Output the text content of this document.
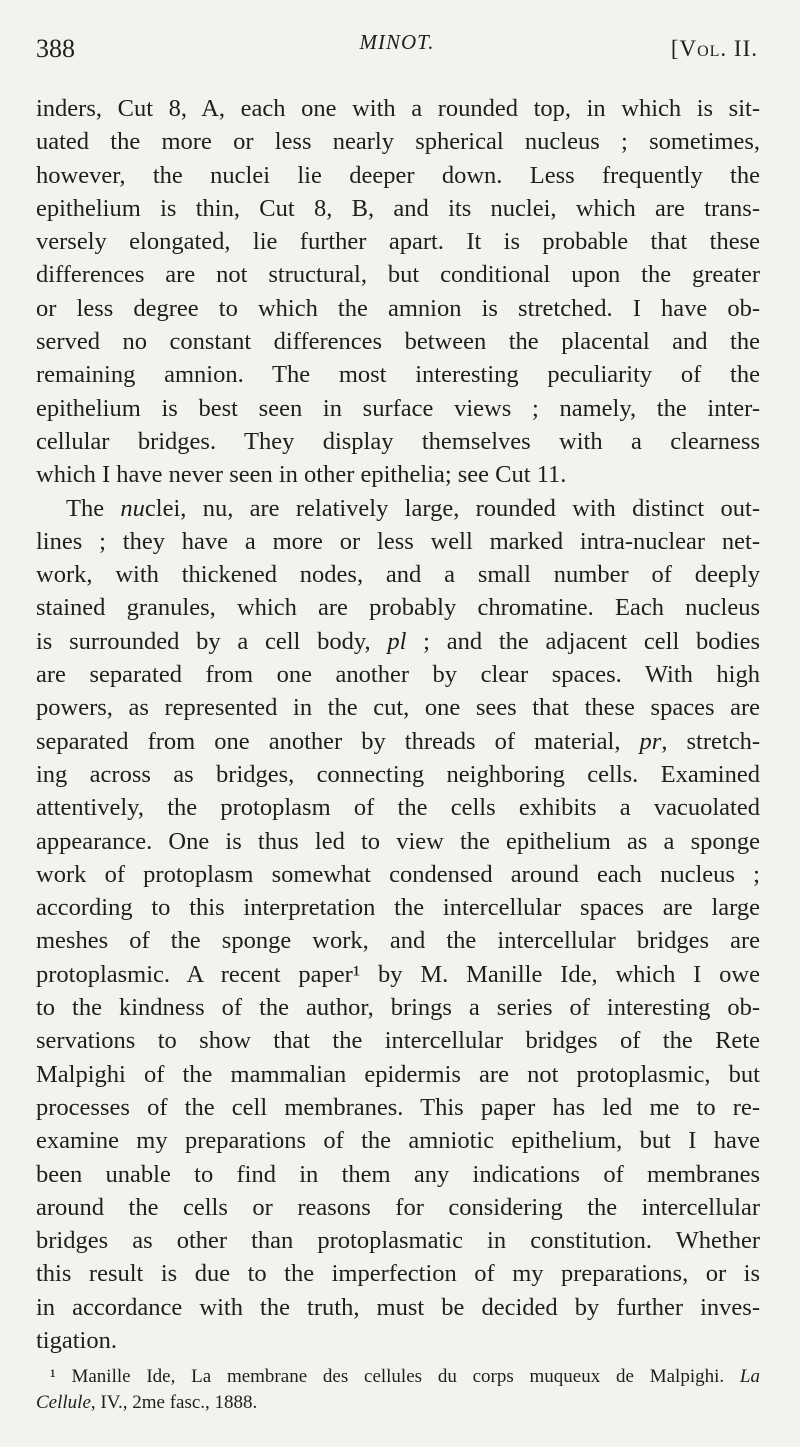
388	MINOT.	[Vol. II.
inders, Cut 8, A, each one with a rounded top, in which is sit-
uated the more or less nearly spherical nucleus ; sometimes,
however, the nuclei lie deeper down. Less frequently the
epithelium is thin, Cut 8, B, and its nuclei, which are trans-
versely elongated, lie further apart. It is probable that these
differences are not structural, but conditional upon the greater
or less degree to which the amnion is stretched. I have ob-
served no constant differences between the placental and the
remaining amnion. The most interesting peculiarity of the
epithelium is best seen in surface views ; namely, the inter-
cellular bridges. They display themselves with a clearness
which I have never seen in other epithelia; see Cut 11.
The nuclei, nu, are relatively large, rounded with distinct out-
lines ; they have a more or less well marked intra-nuclear net-
work, with thickened nodes, and a small number of deeply
stained granules, which are probably chromatine. Each nucleus
is surrounded by a cell body, pl ; and the adjacent cell bodies
are separated from one another by clear spaces. With high
powers, as represented in the cut, one sees that these spaces are
separated from one another by threads of material, pr, stretch-
ing across as bridges, connecting neighboring cells. Examined
attentively, the protoplasm of the cells exhibits a vacuolated
appearance. One is thus led to view the epithelium as a sponge
work of protoplasm somewhat condensed around each nucleus ;
according to this interpretation the intercellular spaces are large
meshes of the sponge work, and the intercellular bridges are
protoplasmic. A recent paper¹ by M. Manille Ide, which I owe
to the kindness of the author, brings a series of interesting ob-
servations to show that the intercellular bridges of the Rete
Malpighi of the mammalian epidermis are not protoplasmic, but
processes of the cell membranes. This paper has led me to re-
examine my preparations of the amniotic epithelium, but I have
been unable to find in them any indications of membranes
around the cells or reasons for considering the intercellular
bridges as other than protoplasmatic in constitution. Whether
this result is due to the imperfection of my preparations, or is
in accordance with the truth, must be decided by further inves-
tigation.
¹ Manille Ide, La membrane des cellules du corps muqueux de Malpighi. La
Cellule, IV., 2me fasc., 1888.
